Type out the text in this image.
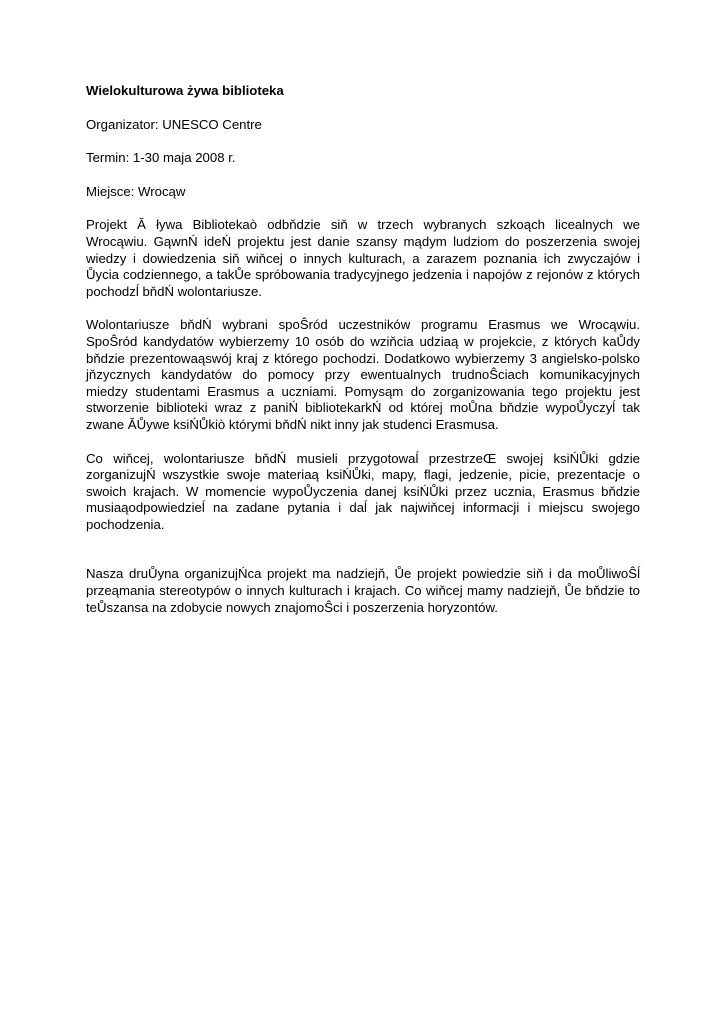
Wielokulturowa żywa biblioteka

Organizator: UNESCO Centre

Termin: 1-30 maja 2008 r.

Miejsce: Wrocąw

Projekt Ă ływa Bibliotekaò odbňdzie siň w trzech wybranych szkoąch licealnych we
Wrocąwiu. GąwnŃ ideŃ projektu jest danie szansy mądym ludziom do poszerzenia swojej
wiedzy i dowiedzenia siň wiňcej o innych kulturach, a zarazem poznania ich zwyczajów i
Ůycia codziennego, a takŮe spróbowania tradycyjnego jedzenia i napojów z rejonów z których
pochodzĺ bňdŃ wolontariusze.

Wolontariusze bňdŃ wybrani spoŜród uczestników programu Erasmus we Wrocąwiu.
SpoŜród kandydatów wybierzemy 10 osób do wziňcia udziaą w projekcie, z których kaŮdy
bňdzie prezentowaąswój kraj z którego pochodzi. Dodatkowo wybierzemy 3 angielsko-polsko
jňzycznych kandydatów do pomocy przy ewentualnych trudnoŜciach komunikacyjnych
miedzy studentami Erasmus a uczniami. Pomysąm do zorganizowania tego projektu jest
stworzenie biblioteki wraz z paniŃ bibliotekarkŃ od której moŮna bňdzie wypoŮyczyĺ tak
zwane ĂŮywe ksiŃŮkiò którymi bňdŃ nikt inny jak studenci Erasmusa.

Co wiňcej, wolontariusze bňdŃ musieli przygotowaĺ przestrzeŒ swojej ksiŃŮki gdzie
zorganizujŃ wszystkie swoje materiaą ksiŃŮki, mapy, flagi, jedzenie, picie, prezentacje o
swoich krajach. W momencie wypoŮyczenia danej ksiŃŮki przez ucznia, Erasmus bňdzie
musiaąodpowiedzieĺ na zadane pytania i daĺ jak najwiňcej informacji i miejscu swojego
pochodzenia.

Nasza druŮyna organizujŃca projekt ma nadziejň, Ůe projekt powiedzie siň i da moŮliwoŜĺ
przeąmania stereotypów o innych kulturach i krajach. Co wiňcej mamy nadziejň, Ůe bňdzie to
teŮszansa na zdobycie nowych znajomoŜci i poszerzenia horyzontów.
